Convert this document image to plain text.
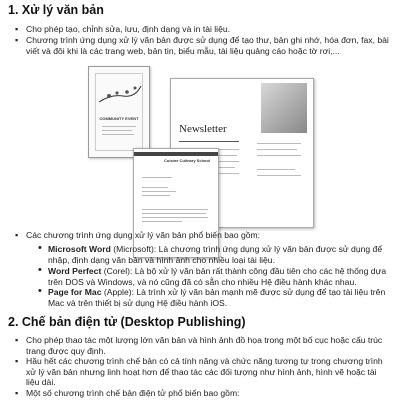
1. Xử lý văn bản
▪ Cho phép tạo, chỉnh sửa, lưu, định dạng và in tài liệu.
▪ Chương trình ứng dụng xử lý văn bản được sử dụng để tạo thư, bản ghi nhớ, hóa đơn, fax, bài viết và đôi khi là các trang web, bản tin, biểu mẫu, tài liệu quảng cáo hoặc tờ rơi,...
COMMUNITY EVENT
Newsletter
Cuisine Culinary School
▪ Các chương trình ứng dụng xử lý văn bản phổ biến bao gồm:
• Microsoft Word (Microsoft): Là chương trình ứng dụng xử lý văn bản được sử dụng để nhập, định dạng văn bản và hình ảnh cho nhiều loại tài liệu.
• Word Perfect (Corel): Là bộ xử lý văn bản rất thành công đầu tiên cho các hệ thống dựa trên DOS và Windows, và nó cũng đã có sẵn cho nhiều Hệ điều hành khác nhau.
• Page for Mac (Apple): Là trình xử lý văn bản mạnh mẽ được sử dụng để tạo tài liệu trên Mac và trên thiết bị sử dụng Hệ điều hành iOS.
2. Chế bản điện tử (Desktop Publishing)
▪ Cho phép thao tác một lượng lớn văn bản và hình ảnh đồ họa trong một bố cục hoặc cấu trúc trang được quy định.
▪ Hầu hết các chương trình chế bản có cả tính năng và chức năng tương tự trong chương trình xử lý văn bản nhưng linh hoạt hơn để thao tác các đối tượng như hình ảnh, hình vẽ hoặc tài liệu dài.
▪ Một số chương trình chế bản điện tử phổ biến bao gồm:
